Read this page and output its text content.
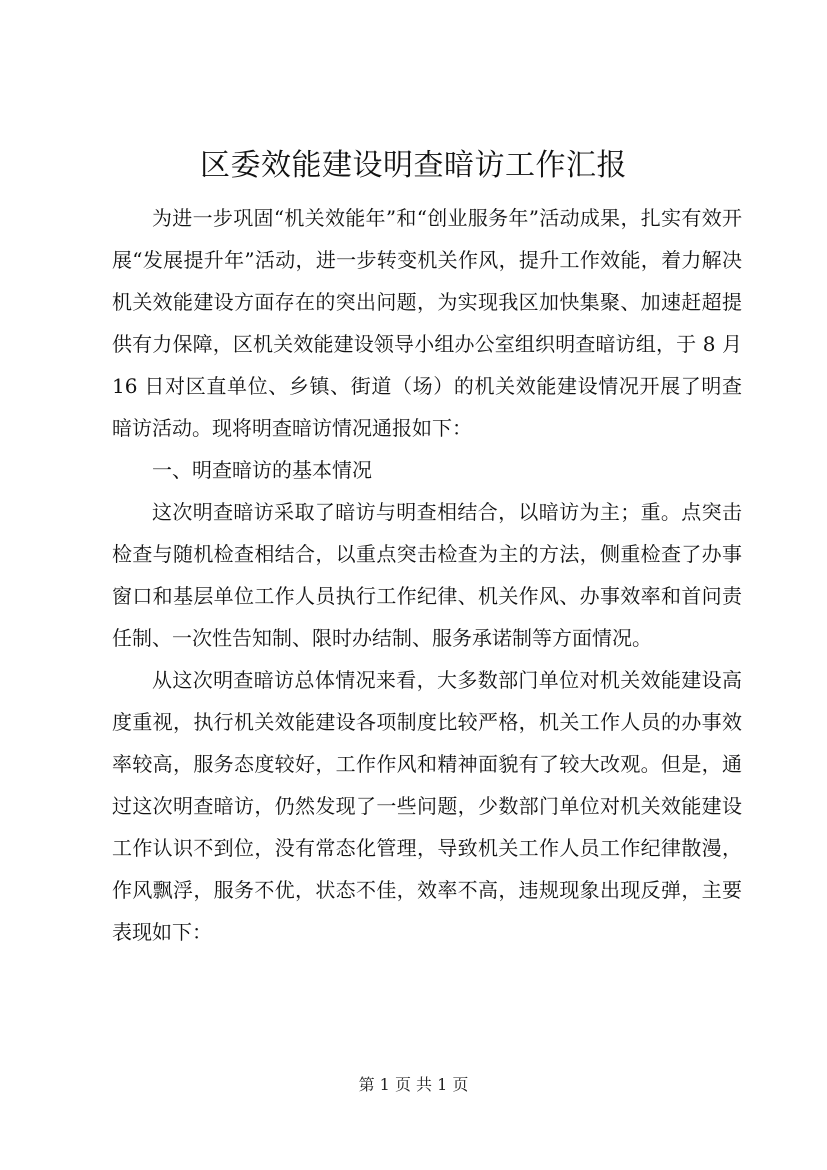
区委效能建设明查暗访工作汇报

为进一步巩固“机关效能年”和“创业服务年”活动成果，扎实有效开展“发展提升年”活动，进一步转变机关作风，提升工作效能，着力解决机关效能建设方面存在的突出问题，为实现我区加快集聚、加速赶超提供有力保障，区机关效能建设领导小组办公室组织明查暗访组，于 8 月 16 日对区直单位、乡镇、街道（场）的机关效能建设情况开展了明查暗访活动。现将明查暗访情况通报如下：

一、明查暗访的基本情况

这次明查暗访采取了暗访与明查相结合，以暗访为主；重。点突击检查与随机检查相结合，以重点突击检查为主的方法，侧重检查了办事窗口和基层单位工作人员执行工作纪律、机关作风、办事效率和首问责任制、一次性告知制、限时办结制、服务承诺制等方面情况。

从这次明查暗访总体情况来看，大多数部门单位对机关效能建设高度重视，执行机关效能建设各项制度比较严格，机关工作人员的办事效率较高，服务态度较好，工作作风和精神面貌有了较大改观。但是，通过这次明查暗访，仍然发现了一些问题，少数部门单位对机关效能建设工作认识不到位，没有常态化管理，导致机关工作人员工作纪律散漫，作风飘浮，服务不优，状态不佳，效率不高，违规现象出现反弹，主要表现如下：

第 1 页 共 1 页
